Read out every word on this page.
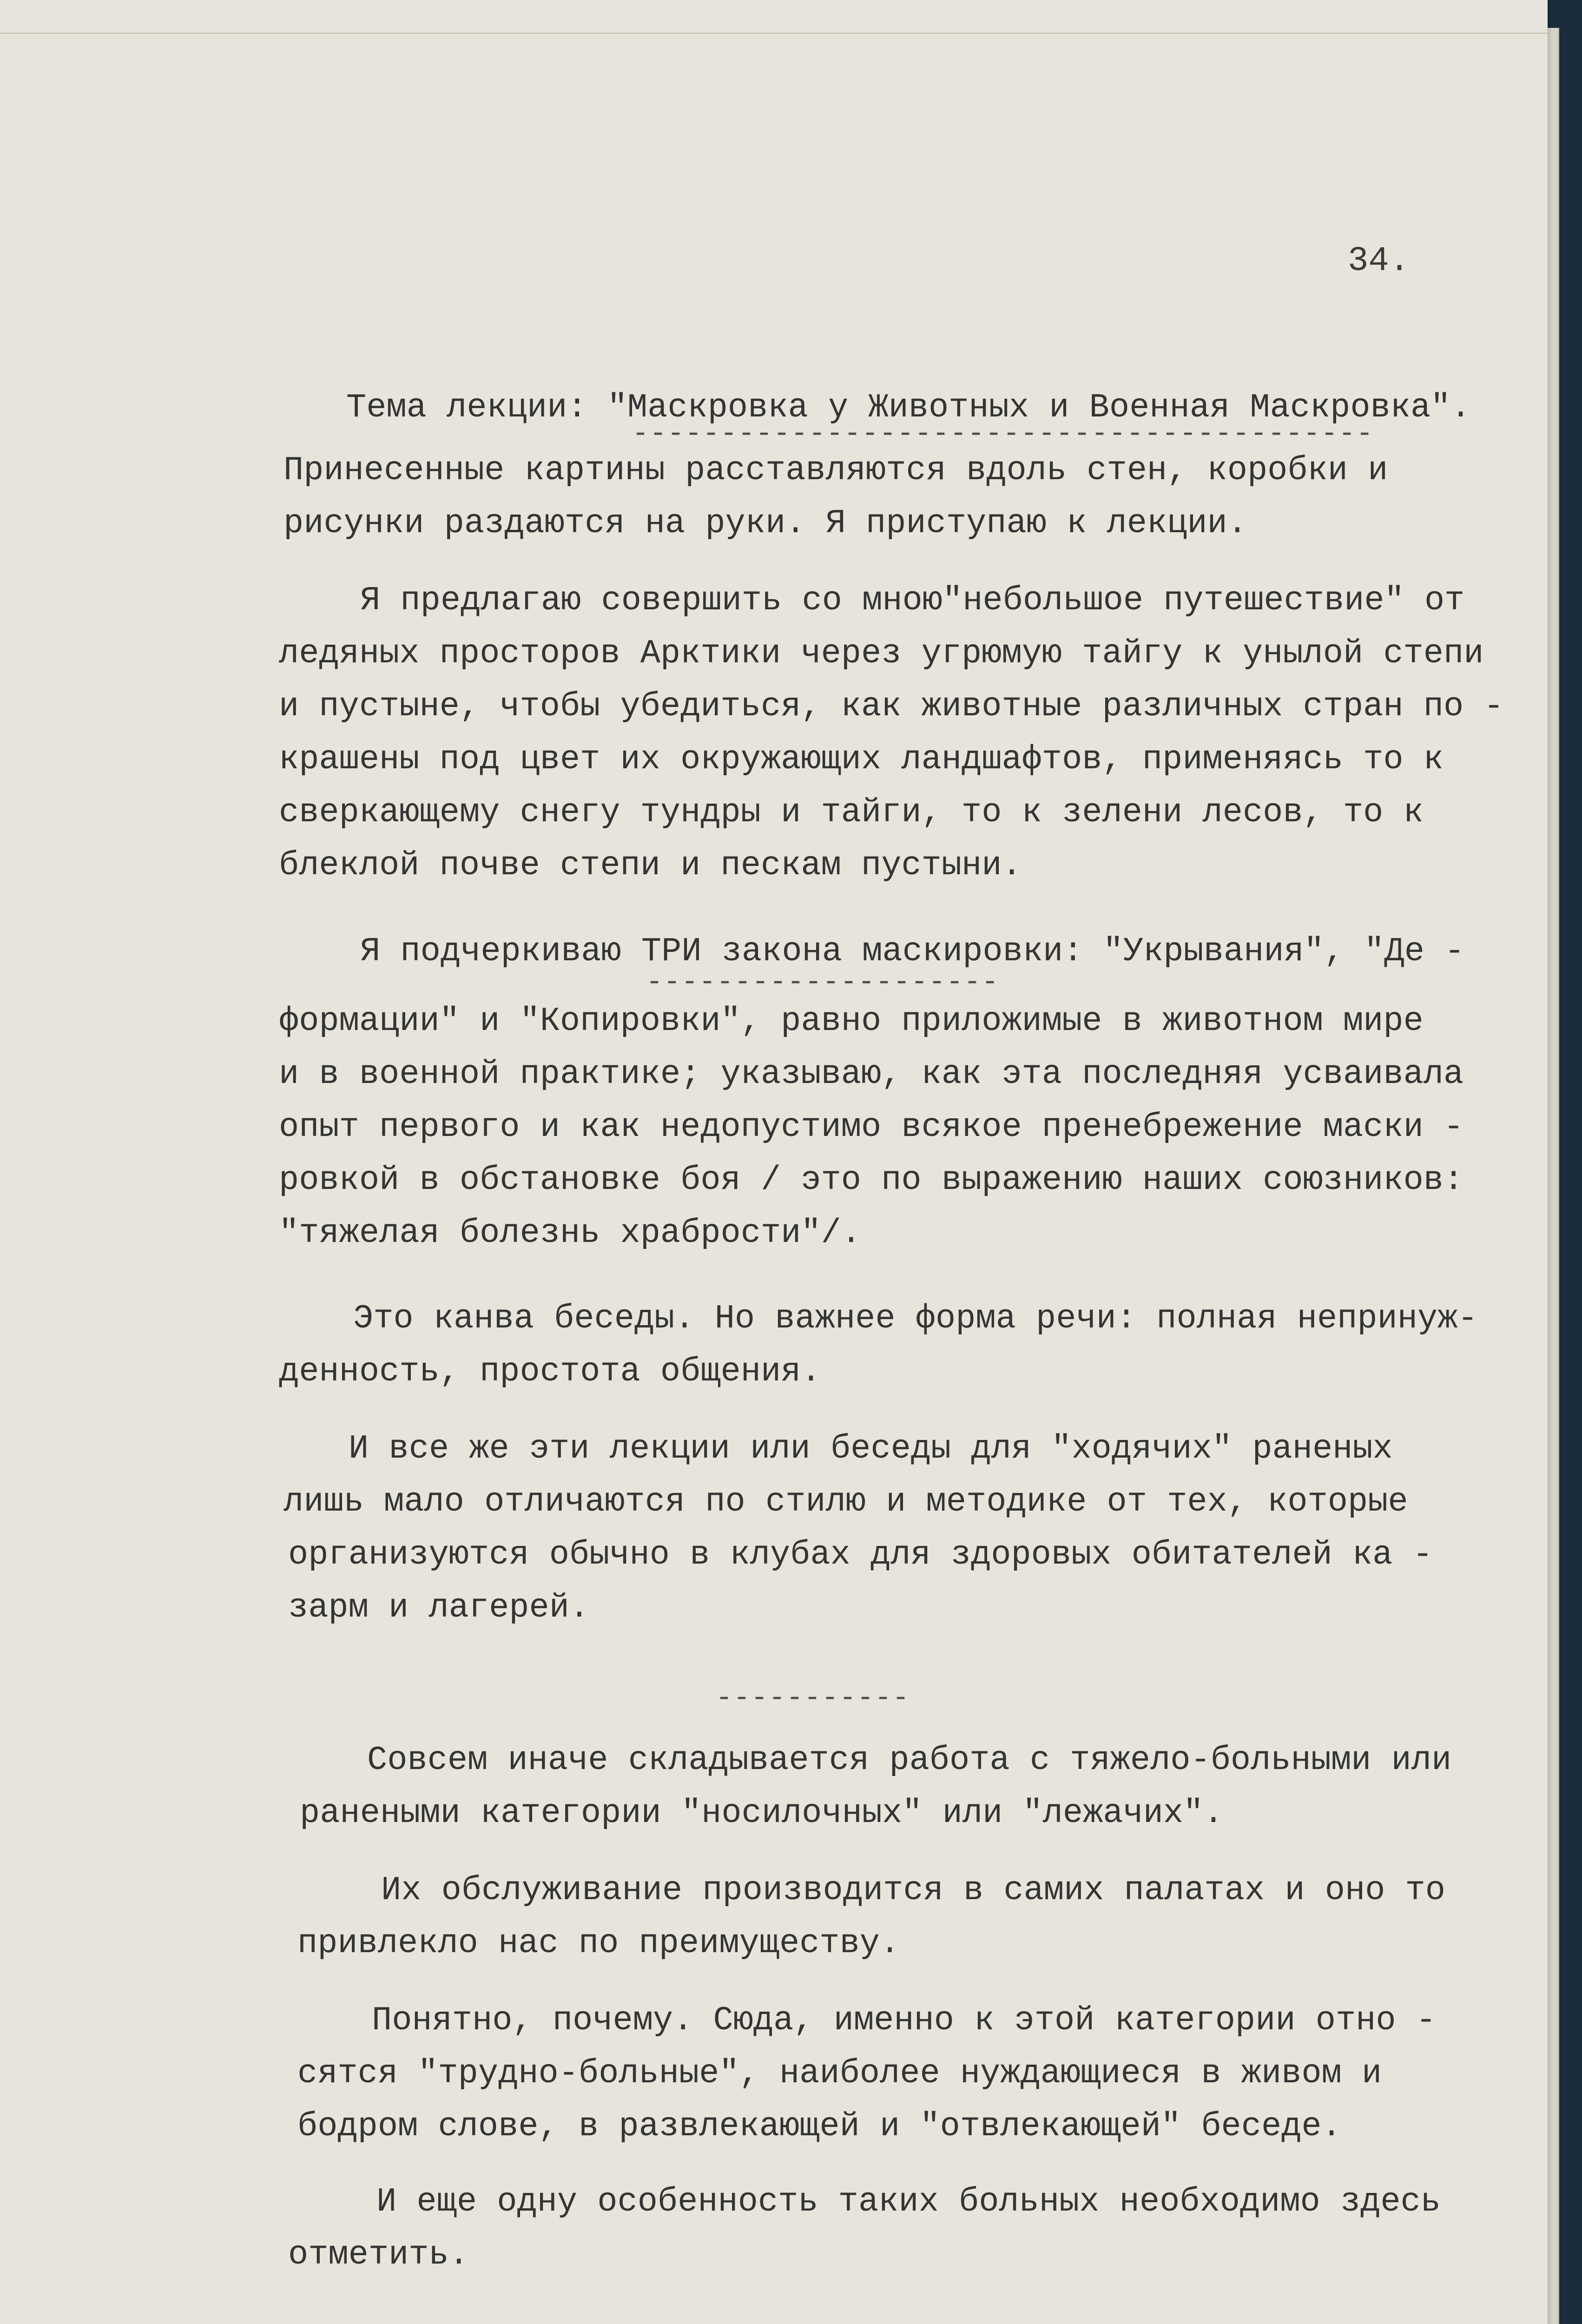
34.
Тема лекции: "Маскровка у Животных и Военная Маскровка".
------------------------------------------
Принесенные картины расставляются вдоль стен, коробки и
рисунки раздаются на руки. Я приступаю к лекции.
Я предлагаю совершить со мною"небольшое путешествие" от
ледяных просторов Арктики через угрюмую тайгу к унылой степи
и пустыне, чтобы убедиться, как животные различных стран по -
крашены под цвет их окружающих ландшафтов, применяясь то к
сверкающему снегу тундры и тайги, то к зелени лесов, то к
блеклой почве степи и пескам пустыни.
Я подчеркиваю ТРИ закона маскировки: "Укрывания", "Де -
--------------------
формации" и "Копировки", равно приложимые в животном мире
и в военной практике; указываю, как эта последняя усваивала
опыт первого и как недопустимо всякое пренебрежение маски -
ровкой в обстановке боя / это по выражению наших союзников:
"тяжелая болезнь храбрости"/.
Это канва беседы. Но важнее форма речи: полная непринуж-
денность, простота общения.
И все же эти лекции или беседы для "ходячих" раненых
лишь мало отличаются по стилю и методике от тех, которые
организуются обычно в клубах для здоровых обитателей ка -
зарм и лагерей.
-----------
Совсем иначе складывается работа с тяжело-больными или
ранеными категории "носилочных" или "лежачих".
Их обслуживание производится в самих палатах и оно то
привлекло нас по преимуществу.
Понятно, почему. Сюда, именно к этой категории отно -
сятся "трудно-больные", наиболее нуждающиеся в живом и
бодром слове, в развлекающей и "отвлекающей" беседе.
И еще одну особенность таких больных необходимо здесь
отметить.
